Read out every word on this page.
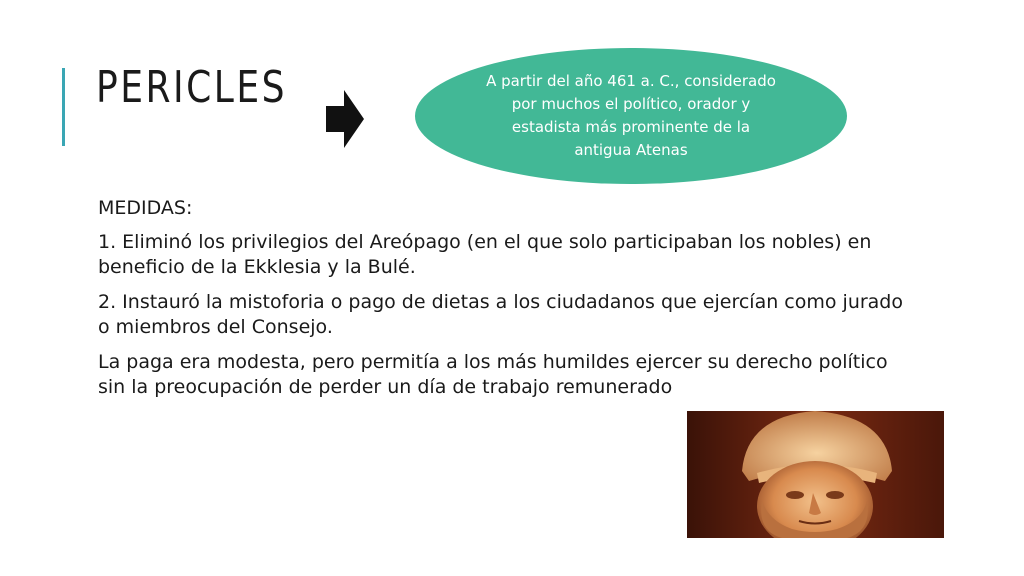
PERICLES	A partir del año 461 a. C., considerado por muchos el político, orador y estadista más prominente de la antigua Atenas

MEDIDAS:

1. Eliminó los privilegios del Areópago (en el que solo participaban los nobles) en beneficio de la Ekklesia y la Bulé.

2. Instauró la mistoforia o pago de dietas a los ciudadanos que ejercían como jurado o miembros del Consejo.

La paga era modesta, pero permitía a los más humildes ejercer su derecho político sin la preocupación de perder un día de trabajo remunerado
